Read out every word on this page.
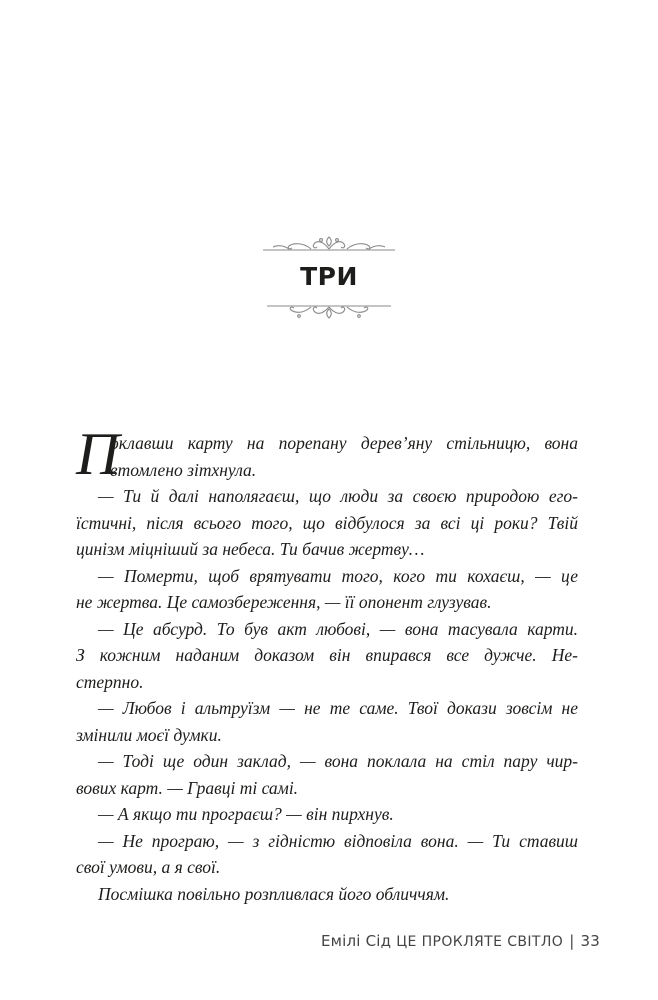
ТРИ
П
оклавши карту на порепану дерев’яну стільницю, вона
втомлено зітхнула.
— Ти й далі наполягаєш, що люди за своєю природою его-
їстичні, після всього того, що відбулося за всі ці роки? Твій
цинізм міцніший за небеса. Ти бачив жертву…
— Померти, щоб врятувати того, кого ти кохаєш, — це
не жертва. Це самозбереження, — її опонент глузував.
— Це абсурд. То був акт любові, — вона тасувала карти.
З кожним наданим доказом він впирався все дужче. Не-
стерпно.
— Любов і альтруїзм — не те саме. Твої докази зовсім не
змінили моєї думки.
— Тоді ще один заклад, — вона поклала на стіл пару чир-
вових карт. — Гравці ті самі.
— А якщо ти програєш? — він пирхнув.
— Не програю, — з гідністю відповіла вона. — Ти ставиш
свої умови, а я свої.
Посмішка повільно розпливлася його обличчям.
Емілі Сід ЦЕ ПРОКЛЯТЕ СВІТЛО | 33
